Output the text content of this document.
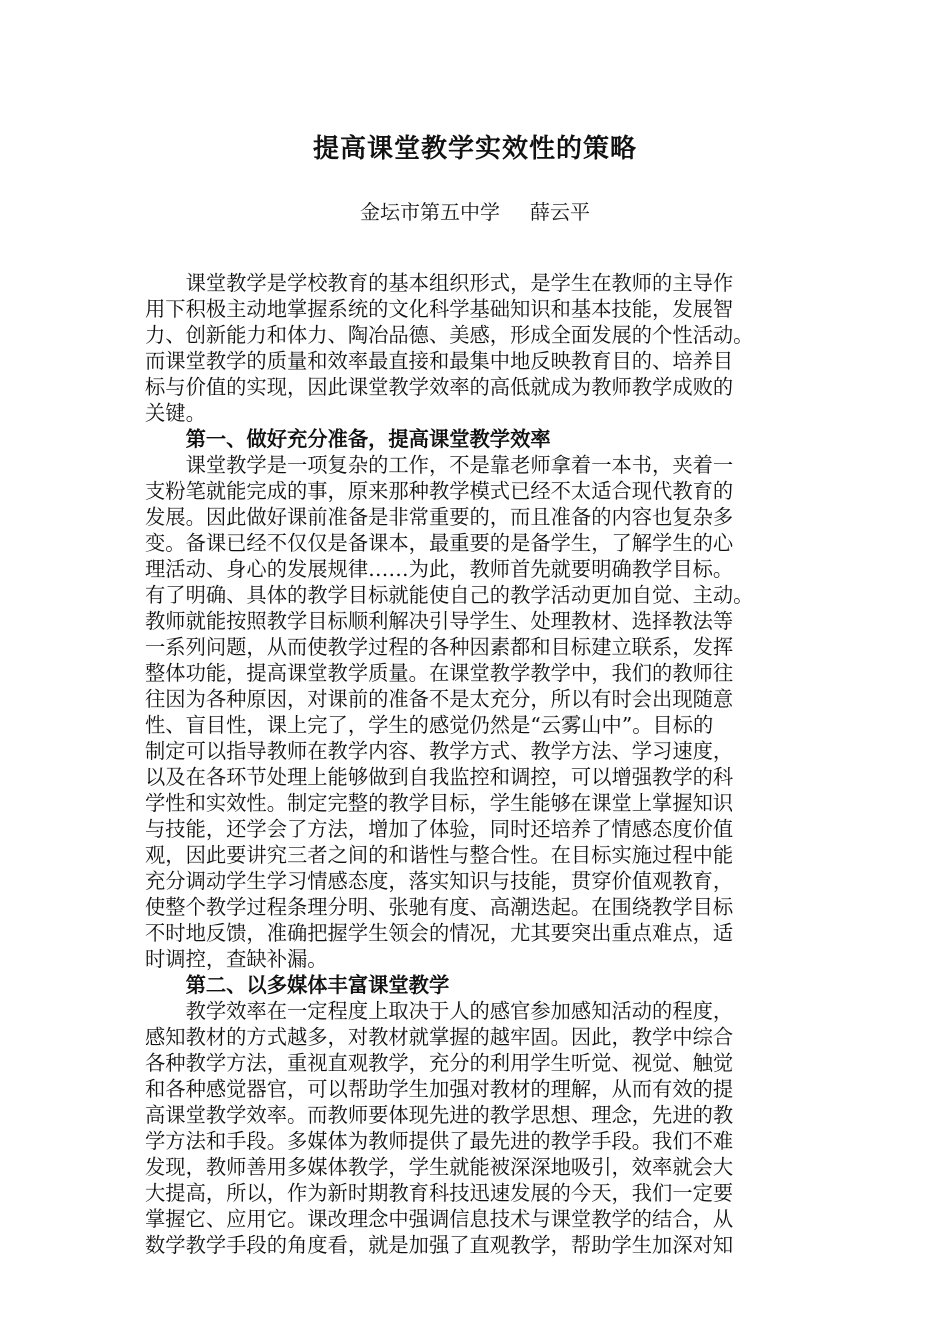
提高课堂教学实效性的策略
金坛市第五中学 薛云平
　　课堂教学是学校教育的基本组织形式，是学生在教师的主导作
用下积极主动地掌握系统的文化科学基础知识和基本技能，发展智
力、创新能力和体力、陶冶品德、美感，形成全面发展的个性活动。
而课堂教学的质量和效率最直接和最集中地反映教育目的、培养目
标与价值的实现，因此课堂教学效率的高低就成为教师教学成败的
关键。
　　第一、做好充分准备，提高课堂教学效率
　　课堂教学是一项复杂的工作，不是靠老师拿着一本书，夹着一
支粉笔就能完成的事，原来那种教学模式已经不太适合现代教育的
发展。因此做好课前准备是非常重要的，而且准备的内容也复杂多
变。备课已经不仅仅是备课本，最重要的是备学生，了解学生的心
理活动、身心的发展规律……为此，教师首先就要明确教学目标。
有了明确、具体的教学目标就能使自己的教学活动更加自觉、主动。
教师就能按照教学目标顺利解决引导学生、处理教材、选择教法等
一系列问题，从而使教学过程的各种因素都和目标建立联系，发挥
整体功能，提高课堂教学质量。在课堂教学教学中，我们的教师往
往因为各种原因，对课前的准备不是太充分，所以有时会出现随意
性、盲目性，课上完了，学生的感觉仍然是“云雾山中”。目标的
制定可以指导教师在教学内容、教学方式、教学方法、学习速度，
以及在各环节处理上能够做到自我监控和调控，可以增强教学的科
学性和实效性。制定完整的教学目标，学生能够在课堂上掌握知识
与技能，还学会了方法，增加了体验，同时还培养了情感态度价值
观，因此要讲究三者之间的和谐性与整合性。在目标实施过程中能
充分调动学生学习情感态度，落实知识与技能，贯穿价值观教育，
使整个教学过程条理分明、张驰有度、高潮迭起。在围绕教学目标
不时地反馈，准确把握学生领会的情况，尤其要突出重点难点，适
时调控，查缺补漏。
　　第二、以多媒体丰富课堂教学
　　教学效率在一定程度上取决于人的感官参加感知活动的程度，
感知教材的方式越多，对教材就掌握的越牢固。因此，教学中综合
各种教学方法，重视直观教学，充分的利用学生听觉、视觉、触觉
和各种感觉器官，可以帮助学生加强对教材的理解，从而有效的提
高课堂教学效率。而教师要体现先进的教学思想、理念，先进的教
学方法和手段。多媒体为教师提供了最先进的教学手段。我们不难
发现，教师善用多媒体教学，学生就能被深深地吸引，效率就会大
大提高，所以，作为新时期教育科技迅速发展的今天，我们一定要
掌握它、应用它。课改理念中强调信息技术与课堂教学的结合，从
数学教学手段的角度看，就是加强了直观教学，帮助学生加深对知
